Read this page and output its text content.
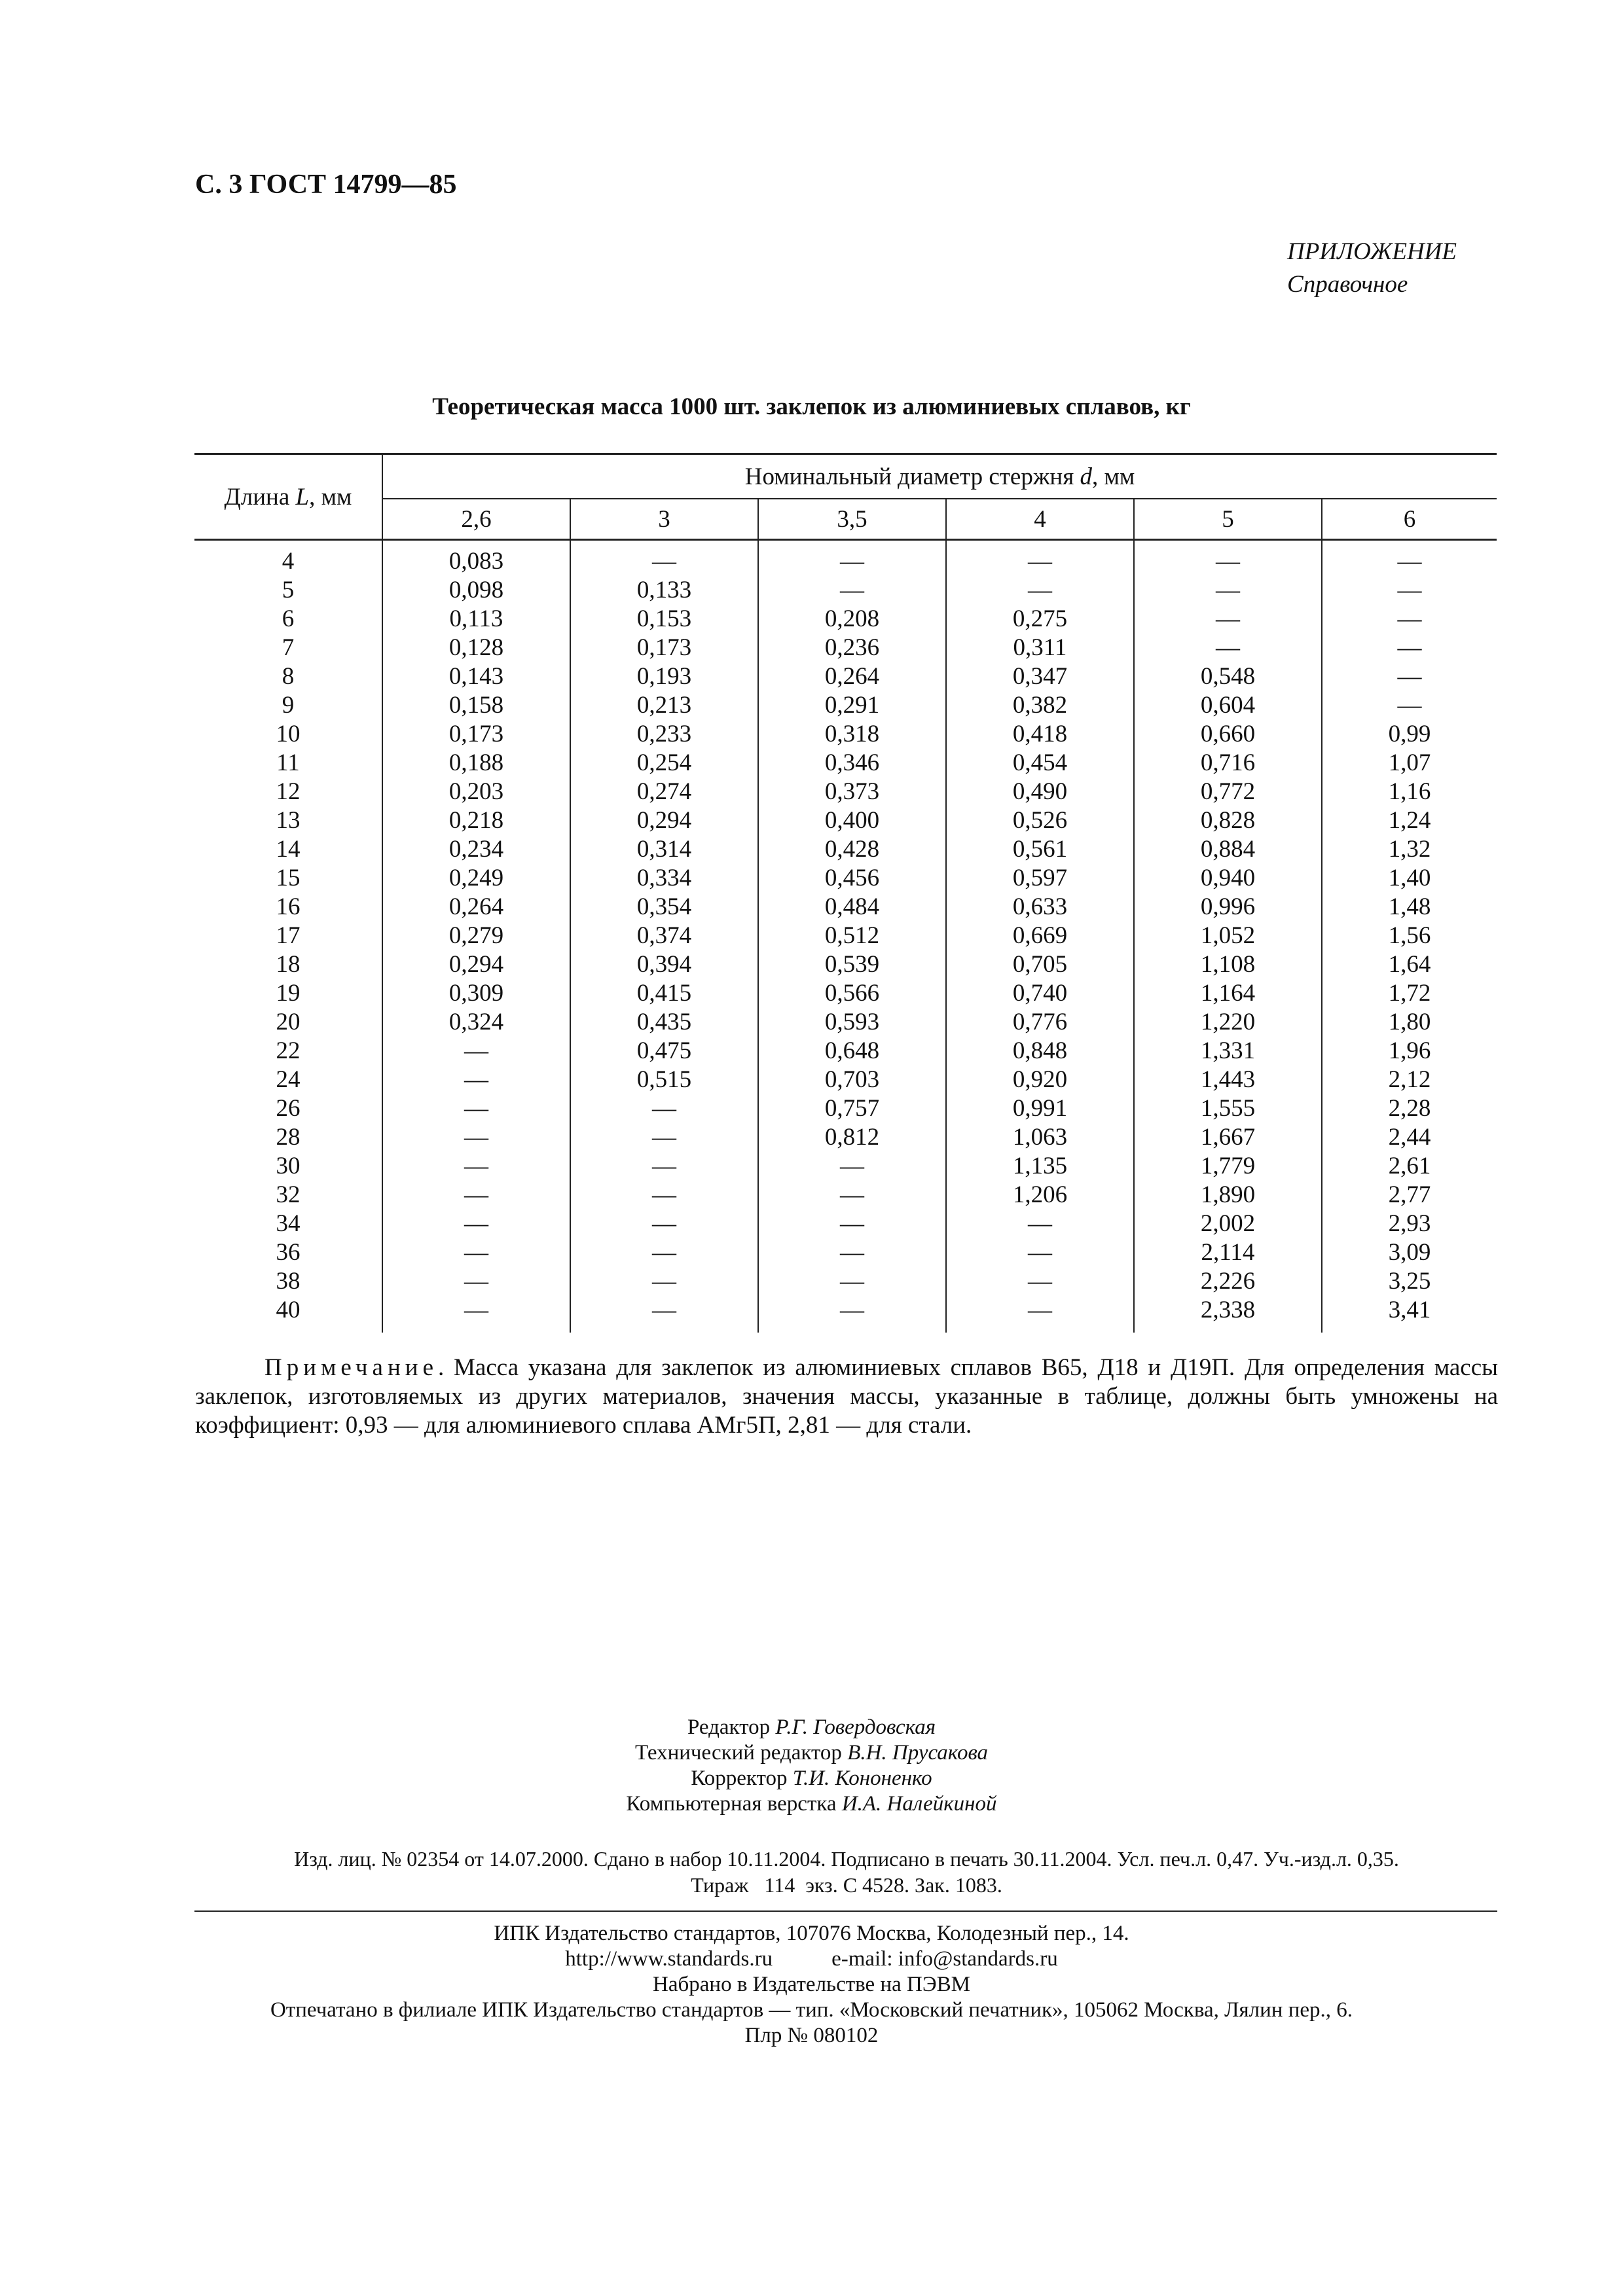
С. 3 ГОСТ 14799—85
ПРИЛОЖЕНИЕ
Справочное
Теоретическая масса 1000 шт. заклепок из алюминиевых сплавов, кг
Длина L, мм	Номинальный диаметр стержня d, мм					
	2,6	3	3,5	4	5	6
4	0,083	—	—	—	—	—
5	0,098	0,133	—	—	—	—
6	0,113	0,153	0,208	0,275	—	—
7	0,128	0,173	0,236	0,311	—	—
8	0,143	0,193	0,264	0,347	0,548	—
9	0,158	0,213	0,291	0,382	0,604	—
10	0,173	0,233	0,318	0,418	0,660	0,99
11	0,188	0,254	0,346	0,454	0,716	1,07
12	0,203	0,274	0,373	0,490	0,772	1,16
13	0,218	0,294	0,400	0,526	0,828	1,24
14	0,234	0,314	0,428	0,561	0,884	1,32
15	0,249	0,334	0,456	0,597	0,940	1,40
16	0,264	0,354	0,484	0,633	0,996	1,48
17	0,279	0,374	0,512	0,669	1,052	1,56
18	0,294	0,394	0,539	0,705	1,108	1,64
19	0,309	0,415	0,566	0,740	1,164	1,72
20	0,324	0,435	0,593	0,776	1,220	1,80
22	—	0,475	0,648	0,848	1,331	1,96
24	—	0,515	0,703	0,920	1,443	2,12
26	—	—	0,757	0,991	1,555	2,28
28	—	—	0,812	1,063	1,667	2,44
30	—	—	—	1,135	1,779	2,61
32	—	—	—	1,206	1,890	2,77
34	—	—	—	—	2,002	2,93
36	—	—	—	—	2,114	3,09
38	—	—	—	—	2,226	3,25
40	—	—	—	—	2,338	3,41

Примечание. Масса указана для заклепок из алюминиевых сплавов В65, Д18 и Д19П. Для определения массы заклепок, изготовляемых из других материалов, значения массы, указанные в таблице, должны быть умножены на коэффициент: 0,93 — для алюминиевого сплава АМг5П, 2,81 — для стали.

Редактор Р.Г. Говердовская
Технический редактор В.Н. Прусакова
Корректор Т.И. Кононенко
Компьютерная верстка И.А. Налейкиной
Изд. лиц. № 02354 от 14.07.2000. Сдано в набор 10.11.2004. Подписано в печать 30.11.2004. Усл. печ.л. 0,47. Уч.-изд.л. 0,35.
Тираж   114  экз. С 4528. Зак. 1083.
ИПК Издательство стандартов, 107076 Москва, Колодезный пер., 14.
http://www.standards.ru	e-mail: info@standards.ru
Набрано в Издательстве на ПЭВМ
Отпечатано в филиале ИПК Издательство стандартов — тип. «Московский печатник», 105062 Москва, Лялин пер., 6.
Плр № 080102
